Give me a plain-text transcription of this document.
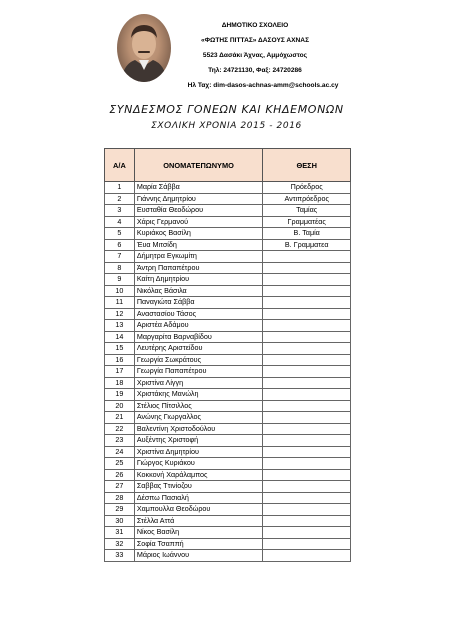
ΔΗΜΟΤΙΚΟ ΣΧΟΛΕΙΟ
«ΦΩΤΗΣ ΠΙΤΤΑΣ» ΔΑΣΟΥΣ ΑΧΝΑΣ
5523 Δασάκι Άχνας, Αμμόχωστος
Τηλ: 24721130, Φαξ: 24720286
Ηλ Ταχ: dim-dasos-achnas-amm@schools.ac.cy
ΣΥΝΔΕΣΜΟΣ ΓΟΝΕΩΝ ΚΑΙ ΚΗΔΕΜΟΝΩΝ
ΣΧΟΛΙΚΗ ΧΡΟΝΙΑ 2015 - 2016
Α/Α	ΟΝΟΜΑΤΕΠΩΝΥΜΟ	ΘΕΣΗ
1	Μαρία Σάββα	Πρόεδρος
2	Γιάννης Δημητρίου	Αντιπρόεδρος
3	Ευσταθία Θεοδώρου	Ταμίας
4	Χάρις Γερμανού	Γραμματέας
5	Κυριάκος Βασίλη	Β. Ταμία
6	Έυα Μιτσίδη	Β. Γραμματεα
7	Δήμητρα Εγκωμίτη	
8	Άντρη Παπαπέτρου	
9	Καίτη Δημητρίου	
10	Νικόλας Βάσιλα	
11	Παναγιώτα Σάββα	
12	Αναστασίου Τάσος	
13	Αριστέα Αδάμου	
14	Μαργαρίτα Βαρναβίδου	
15	Λευτέρης Αριστείδου	
16	Γεωργία Σωκράτους	
17	Γεωργία Παπαπέτρου	
18	Χριστίνα Λίγγη	
19	Χριστάκης Μανώλη	
20	Στέλιος Πίτσιλλος	
21	Ανώνης Γιωργαλλος	
22	Βαλεντίνη Χριστοδούλου	
23	Αυξέντης Χριστοφή	
24	Χριστίνα Δημητρίου	
25	Γιώργος Κυριάκου	
26	Κοκκονή Χαράλαμπος	
27	Σαββας Ττινίοζου	
28	Δέσπω Πασιαλή	
29	Χαμπουλλα Θεοδώρου	
30	Στέλλα Αττά	
31	Νίκος Βασίλη	
32	Σοφία Τσαππή	
33	Μάριος Ιωάννου	
